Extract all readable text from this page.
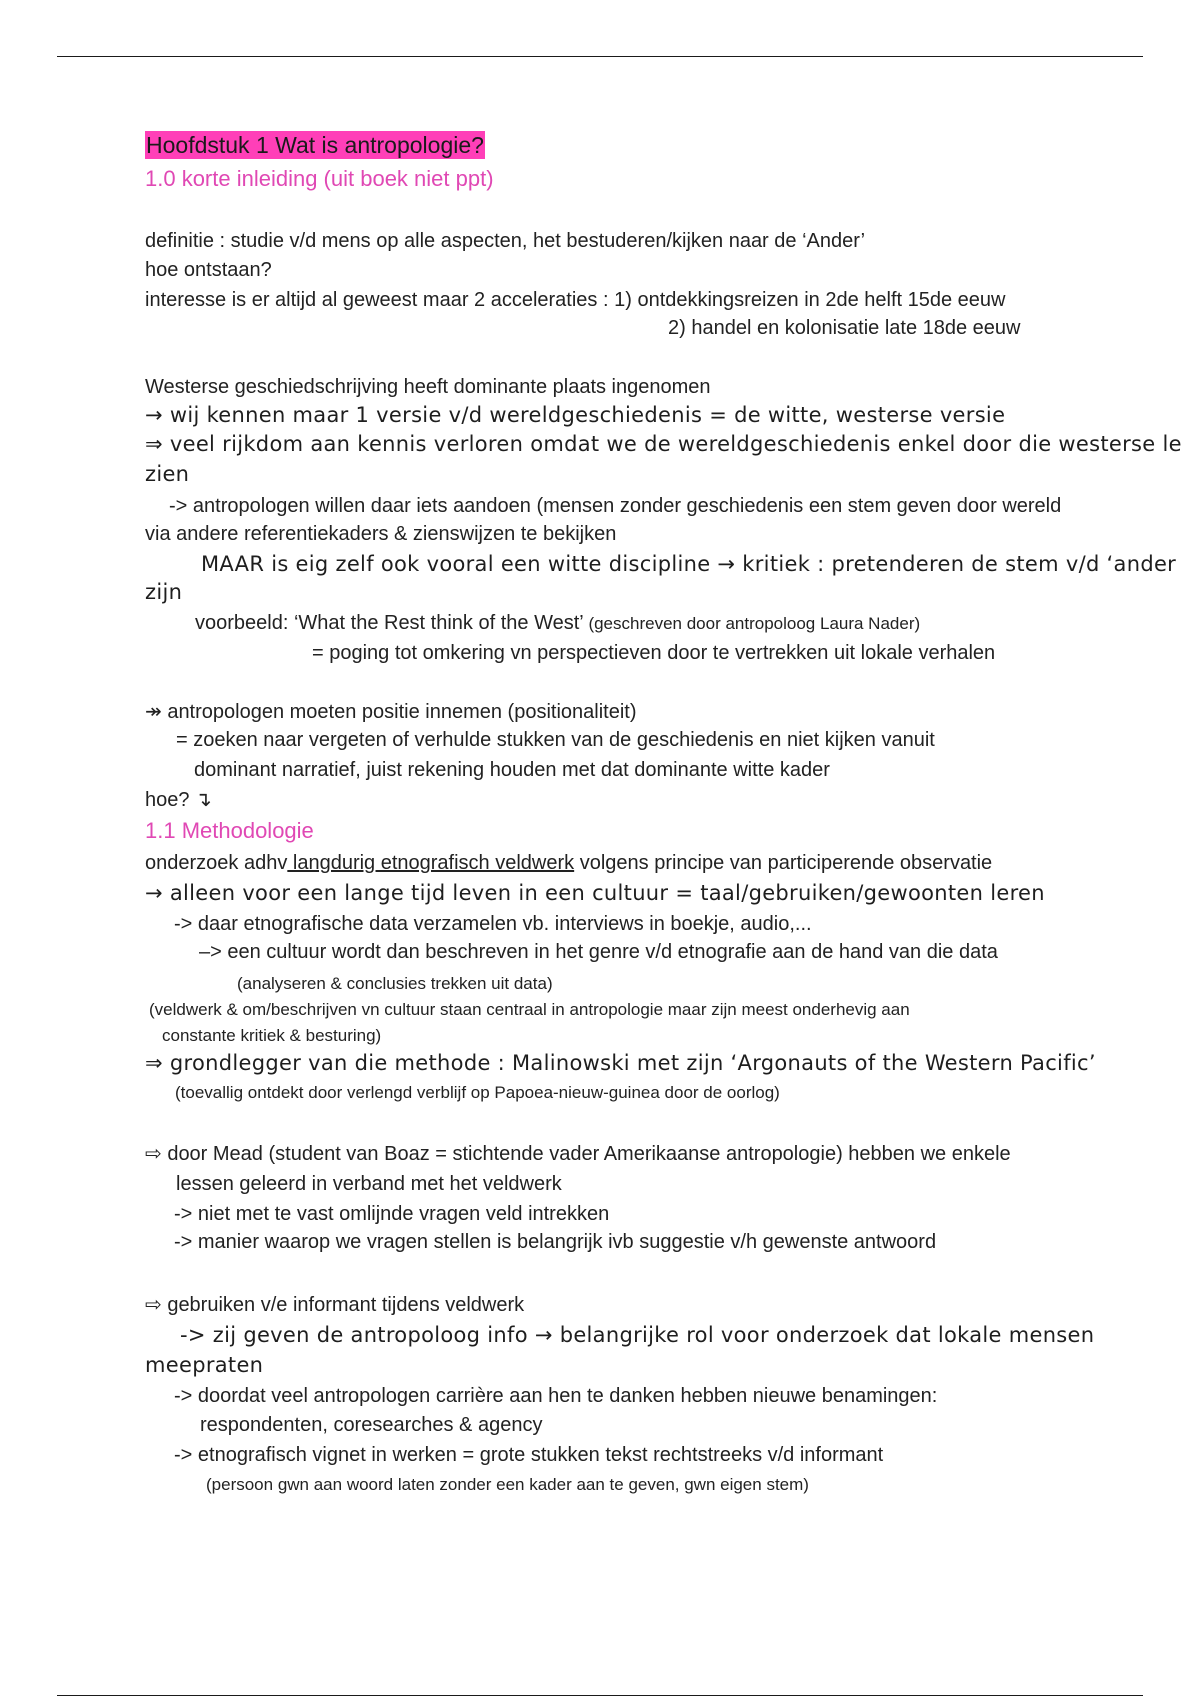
Hoofdstuk 1 Wat is antropologie?
1.0 korte inleiding (uit boek niet ppt)
definitie : studie v/d mens op alle aspecten, het bestuderen/kijken naar de ‘Ander’
hoe ontstaan?
interesse is er altijd al geweest maar 2 acceleraties : 1) ontdekkingsreizen in 2de helft 15de eeuw
2) handel en kolonisatie late 18de eeuw
Westerse geschiedschrijving heeft dominante plaats ingenomen
→ wij kennen maar 1 versie v/d wereldgeschiedenis = de witte, westerse versie
⇒ veel rijkdom aan kennis verloren omdat we de wereldgeschiedenis enkel door die westerse le
zien
-> antropologen willen daar iets aandoen (mensen zonder geschiedenis een stem geven door wereld
via andere referentiekaders & zienswijzen te bekijken
MAAR is eig zelf ook vooral een witte discipline → kritiek : pretenderen de stem v/d ‘ander
zijn
voorbeeld: ‘What the Rest think of the West’ (geschreven door antropoloog Laura Nader)
= poging tot omkering vn perspectieven door te vertrekken uit lokale verhalen
↠ antropologen moeten positie innemen (positionaliteit)
= zoeken naar vergeten of verhulde stukken van de geschiedenis en niet kijken vanuit
dominant narratief, juist rekening houden met dat dominante witte kader
hoe? ↴
1.1 Methodologie
onderzoek adhv langdurig etnografisch veldwerk volgens principe van participerende observatie
→ alleen voor een lange tijd leven in een cultuur = taal/gebruiken/gewoonten leren
-> daar etnografische data verzamelen vb. interviews in boekje, audio,...
–> een cultuur wordt dan beschreven in het genre v/d etnografie aan de hand van die data
(analyseren & conclusies trekken uit data)
(veldwerk & om/beschrijven vn cultuur staan centraal in antropologie maar zijn meest onderhevig aan
constante kritiek & besturing)
⇒ grondlegger van die methode : Malinowski met zijn ‘Argonauts of the Western Pacific’
(toevallig ontdekt door verlengd verblijf op Papoea-nieuw-guinea door de oorlog)
⇨ door Mead (student van Boaz = stichtende vader Amerikaanse antropologie) hebben we enkele
lessen geleerd in verband met het veldwerk
-> niet met te vast omlijnde vragen veld intrekken
-> manier waarop we vragen stellen is belangrijk ivb suggestie v/h gewenste antwoord
⇨ gebruiken v/e informant tijdens veldwerk
-> zij geven de antropoloog info → belangrijke rol voor onderzoek dat lokale mensen
meepraten
-> doordat veel antropologen carrière aan hen te danken hebben nieuwe benamingen:
respondenten, coresearches & agency
-> etnografisch vignet in werken = grote stukken tekst rechtstreeks v/d informant
(persoon gwn aan woord laten zonder een kader aan te geven, gwn eigen stem)
